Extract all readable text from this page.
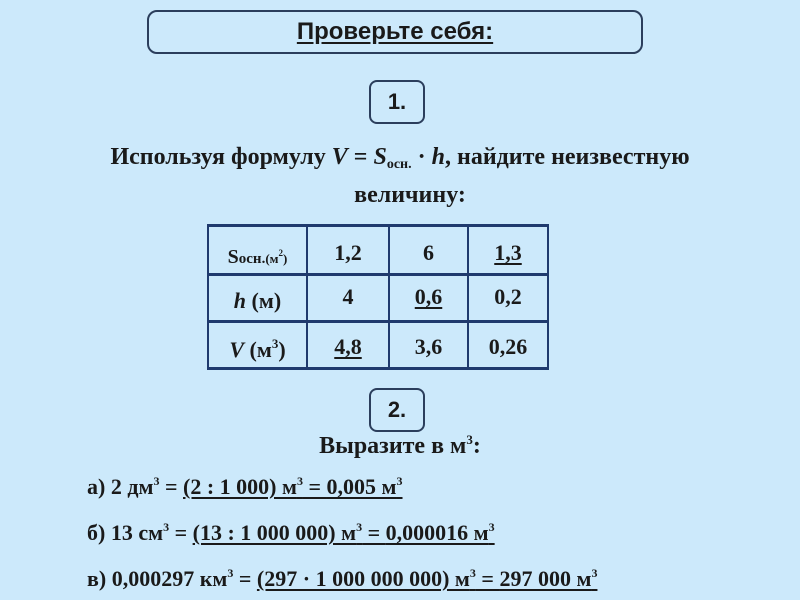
Проверьте себя:
1.
Используя формулу $V = S_{осн.} \cdot h$, найдите неизвестную
величину:
$Sосн.(м^2)$	1,2	6	1,3
h (м)	4	0,6	0,2
V $(м^3)$	4,8	3,6	0,26
2.
Выразите в $м^3$:
а) 2 $дм^3 = (2$ : 1 000) $м^3 = 0,005$ $м^3$
б) 13 $см^3 = (13$ : 1 000 000) $м^3 = 0,000016$ $м^3$
в) 0,000297 $км^3 = (297 \cdot 1$ 000 000 000) $м^3 = 297$ 000 $м^3$
